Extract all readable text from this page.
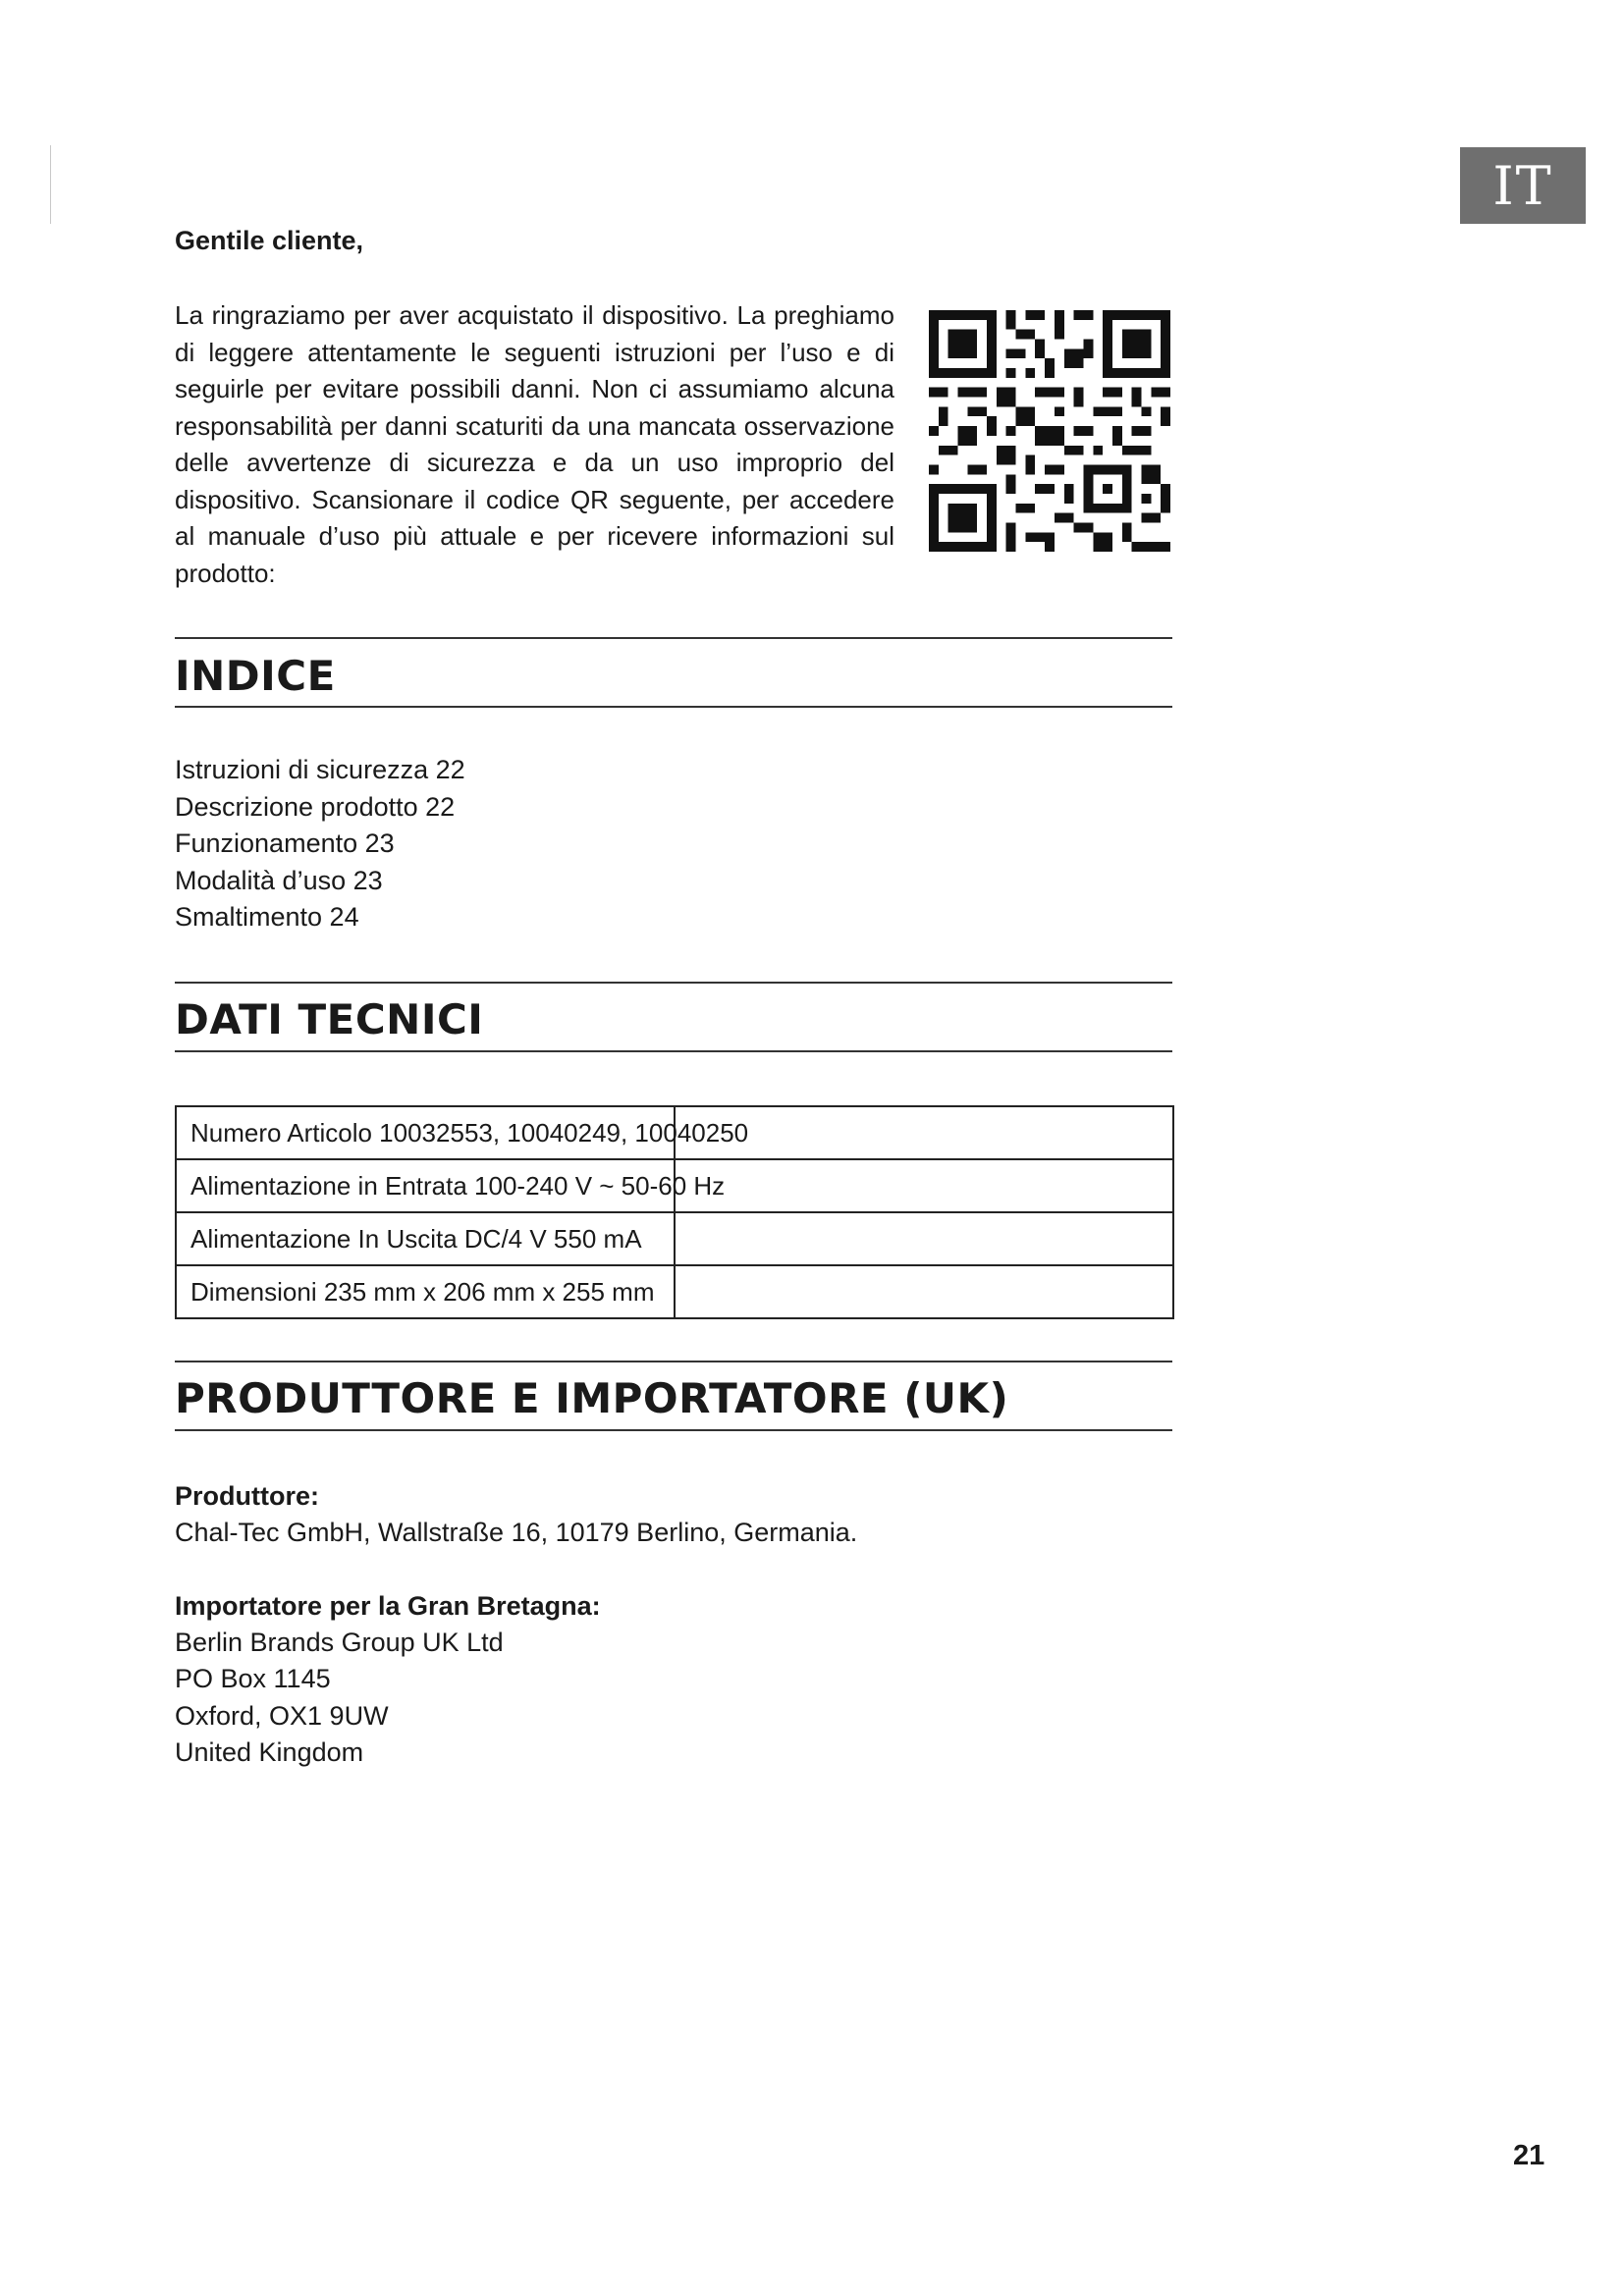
IT
Gentile cliente,

La ringraziamo per aver acquistato il dispositivo. La preghiamo di leggere attentamente le seguenti istruzioni per l’uso e di seguirle per evitare possibili danni. Non ci assumiamo alcuna responsabilità per danni scaturiti da una mancata osservazione delle avvertenze di sicurezza e da un uso improprio del dispositivo. Scansionare il codice QR seguente, per accedere al manuale d’uso più attuale e per ricevere informazioni sul prodotto:

INDICE
Istruzioni di sicurezza 22
Descrizione prodotto 22
Funzionamento 23
Modalità d’uso 23
Smaltimento 24
DATI TECNICI
Numero Articolo 10032553, 10040249, 10040250	
Alimentazione in Entrata 100-240 V ~ 50-60 Hz	
Alimentazione In Uscita DC/4 V 550 mA	
Dimensioni 235 mm x 206 mm x 255 mm	
PRODUTTORE E IMPORTATORE (UK)
Produttore:
Chal-Tec GmbH, Wallstraße 16, 10179 Berlino, Germania.
Importatore per la Gran Bretagna:
Berlin Brands Group UK Ltd
PO Box 1145
Oxford, OX1 9UW
United Kingdom
21
